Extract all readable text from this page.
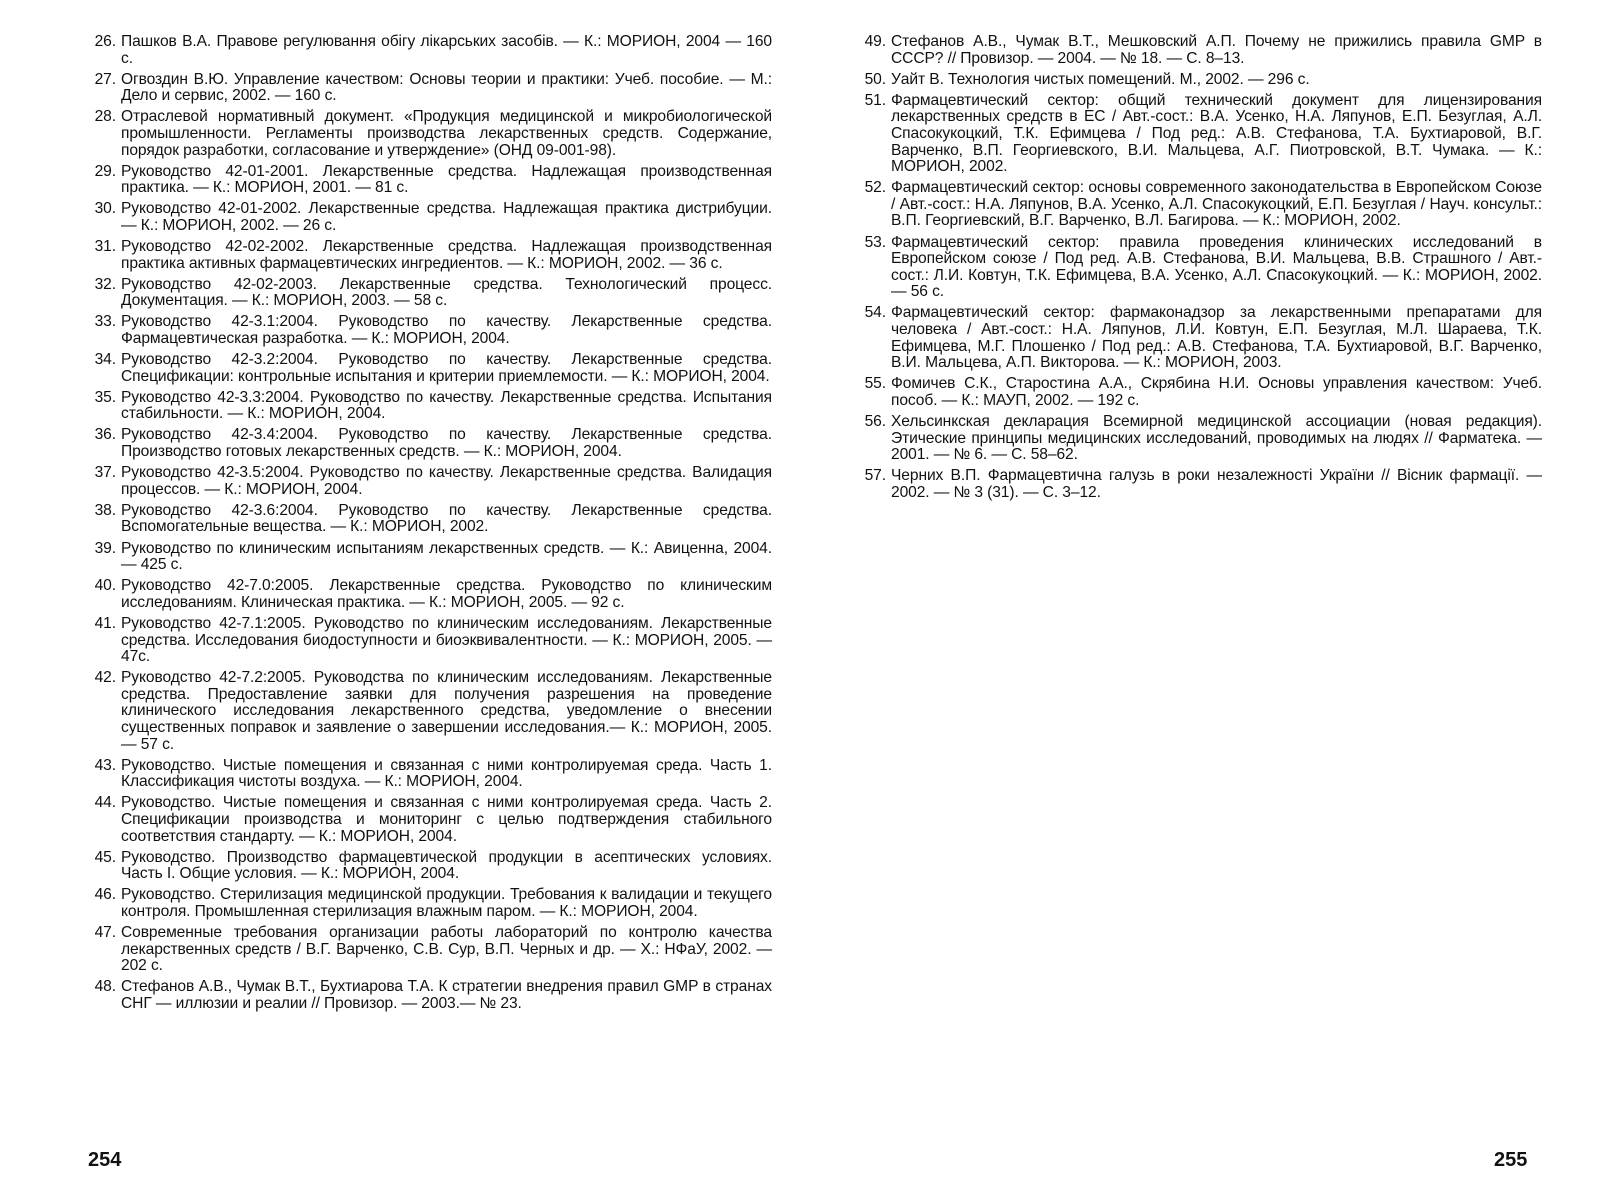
26. Пашков В.А. Правове регулювання обігу лікарських засобів. — К.: МОРИОН, 2004 — 160 с.
27. Огвоздин В.Ю. Управление качеством: Основы теории и практики: Учеб. пособие. — М.: Дело и сервис, 2002. — 160 с.
28. Отраслевой нормативный документ. «Продукция медицинской и микробиологической промышленности. Регламенты производства лекарственных средств. Содержание, порядок разработки, согласование и утверждение» (ОНД 09-001-98).
29. Руководство 42-01-2001. Лекарственные средства. Надлежащая производственная практика. — К.: МОРИОН, 2001. — 81 с.
30. Руководство 42-01-2002. Лекарственные средства. Надлежащая практика дистрибуции. — К.: МОРИОН, 2002. — 26 с.
31. Руководство 42-02-2002. Лекарственные средства. Надлежащая производственная практика активных фармацевтических ингредиентов. — К.: МОРИОН, 2002. — 36 с.
32. Руководство 42-02-2003. Лекарственные средства. Технологический процесс. Документация. — К.: МОРИОН, 2003. — 58 с.
33. Руководство 42-3.1:2004. Руководство по качеству. Лекарственные средства. Фармацевтическая разработка. — К.: МОРИОН, 2004.
34. Руководство 42-3.2:2004. Руководство по качеству. Лекарственные средства. Спецификации: контрольные испытания и критерии приемлемости. — К.: МОРИОН, 2004.
35. Руководство 42-3.3:2004. Руководство по качеству. Лекарственные средства. Испытания стабильности. — К.: МОРИОН, 2004.
36. Руководство 42-3.4:2004. Руководство по качеству. Лекарственные средства. Производство готовых лекарственных средств. — К.: МОРИОН, 2004.
37. Руководство 42-3.5:2004. Руководство по качеству. Лекарственные средства. Валидация процессов. — К.: МОРИОН, 2004.
38. Руководство 42-3.6:2004. Руководство по качеству. Лекарственные средства. Вспомогательные вещества. — К.: МОРИОН, 2002.
39. Руководство по клиническим испытаниям лекарственных средств. — К.: Авиценна, 2004. — 425 с.
40. Руководство 42-7.0:2005. Лекарственные средства. Руководство по клиническим исследованиям. Клиническая практика. — К.: МОРИОН, 2005. — 92 с.
41. Руководство 42-7.1:2005. Руководство по клиническим исследованиям. Лекарственные средства. Исследования биодоступности и биоэквивалентности. — К.: МОРИОН, 2005. — 47с.
42. Руководство 42-7.2:2005. Руководства по клиническим исследованиям. Лекарственные средства. Предоставление заявки для получения разрешения на проведение клинического исследования лекарственного средства, уведомление о внесении существенных поправок и заявление о завершении исследования.— К.: МОРИОН, 2005. — 57 с.
43. Руководство. Чистые помещения и связанная с ними контролируемая среда. Часть 1. Классификация чистоты воздуха. — К.: МОРИОН, 2004.
44. Руководство. Чистые помещения и связанная с ними контролируемая среда. Часть 2. Спецификации производства и мониторинг с целью подтверждения стабильного соответствия стандарту. — К.: МОРИОН, 2004.
45. Руководство. Производство фармацевтической продукции в асептических условиях. Часть I. Общие условия. — К.: МОРИОН, 2004.
46. Руководство. Стерилизация медицинской продукции. Требования к валидации и текущего контроля. Промышленная стерилизация влажным паром. — К.: МОРИОН, 2004.
47. Современные требования организации работы лабораторий по контролю качества лекарственных средств / В.Г. Варченко, С.В. Сур, В.П. Черных и др. — Х.: НФаУ, 2002. — 202 с.
48. Стефанов А.В., Чумак В.Т., Бухтиарова Т.А. К стратегии внедрения правил GMP в странах СНГ — иллюзии и реалии // Провизор. — 2003.— № 23.
254
49. Стефанов А.В., Чумак В.Т., Мешковский А.П. Почему не прижились правила GMP в СССР? // Провизор. — 2004. — № 18. — С. 8–13.
50. Уайт В. Технология чистых помещений. М., 2002. — 296 с.
51. Фармацевтический сектор: общий технический документ для лицензирования лекарственных средств в ЕС / Авт.-сост.: В.А. Усенко, Н.А. Ляпунов, Е.П. Безуглая, А.Л. Спасокукоцкий, Т.К. Ефимцева / Под ред.: А.В. Стефанова, Т.А. Бухтиаровой, В.Г. Варченко, В.П. Георгиевского, В.И. Мальцева, А.Г. Пиотровской, В.Т. Чумака. — К.: МОРИОН, 2002.
52. Фармацевтический сектор: основы современного законодательства в Европейском Союзе / Авт.-сост.: Н.А. Ляпунов, В.А. Усенко, А.Л. Спасокукоцкий, Е.П. Безуглая / Науч. консульт.: В.П. Георгиевский, В.Г. Варченко, В.Л. Багирова. — К.: МОРИОН, 2002.
53. Фармацевтический сектор: правила проведения клинических исследований в Европейском союзе / Под ред. А.В. Стефанова, В.И. Мальцева, В.В. Страшного / Авт.-сост.: Л.И. Ковтун, Т.К. Ефимцева, В.А. Усенко, А.Л. Спасокукоцкий. — К.: МОРИОН, 2002. — 56 с.
54. Фармацевтический сектор: фармаконадзор за лекарственными препаратами для человека / Авт.-сост.: Н.А. Ляпунов, Л.И. Ковтун, Е.П. Безуглая, М.Л. Шараева, Т.К. Ефимцева, М.Г. Плошенко / Под ред.: А.В. Стефанова, Т.А. Бухтиаровой, В.Г. Варченко, В.И. Мальцева, А.П. Викторова. — К.: МОРИОН, 2003.
55. Фомичев С.К., Старостина А.А., Скрябина Н.И. Основы управления качеством: Учеб. пособ. — К.: МАУП, 2002. — 192 с.
56. Хельсинкская декларация Всемирной медицинской ассоциации (новая редакция). Этические принципы медицинских исследований, проводимых на людях // Фарматека. — 2001. — № 6. — С. 58–62.
57. Черних В.П. Фармацевтична галузь в роки незалежності України // Вісник фармації. — 2002. — № 3 (31). — С. 3–12.
255
